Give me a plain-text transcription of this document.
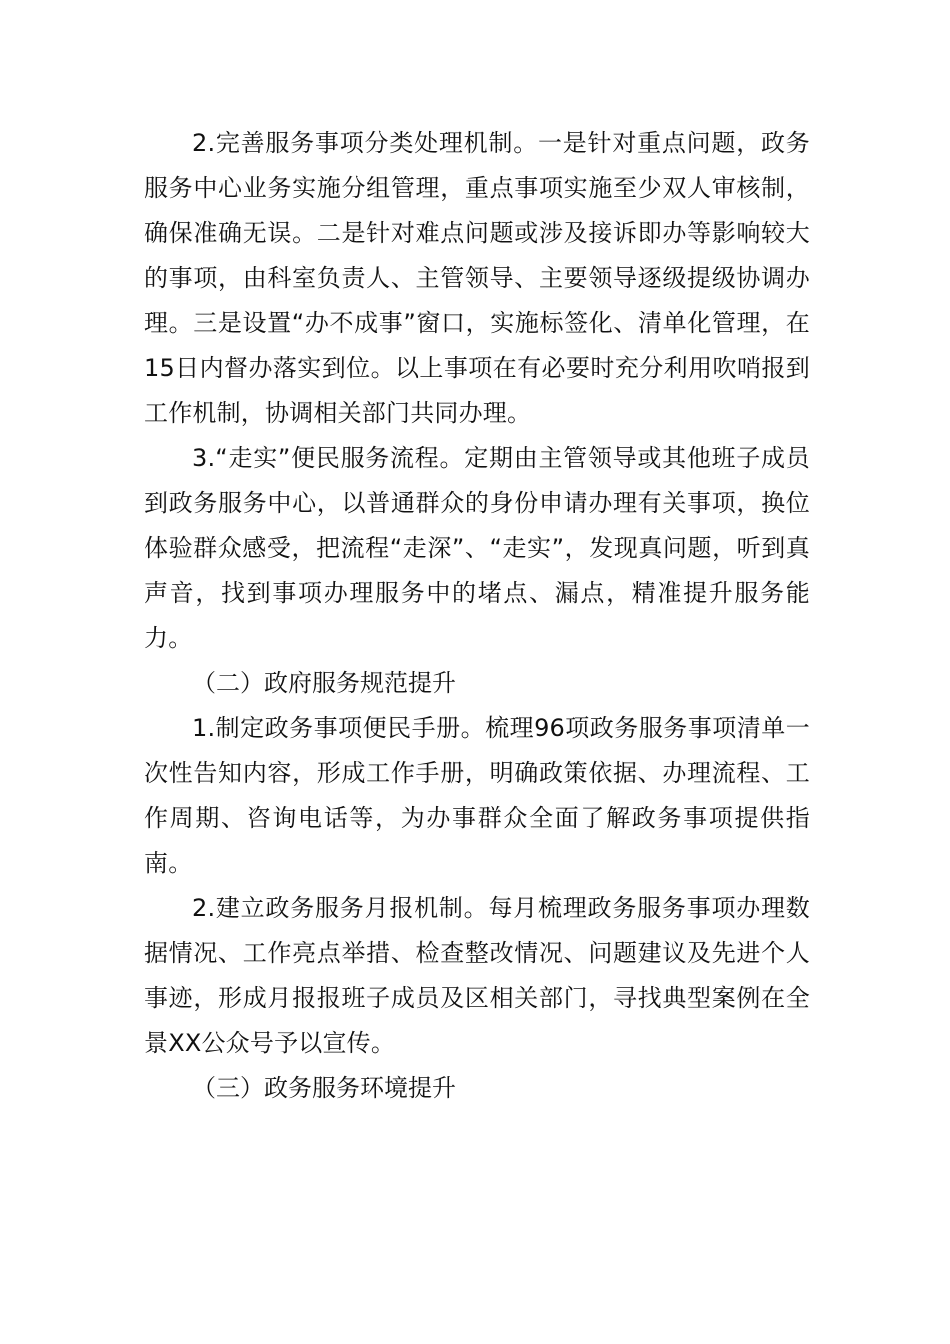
2.完善服务事项分类处理机制。一是针对重点问题，政务服务中心业务实施分组管理，重点事项实施至少双人审核制，确保准确无误。二是针对难点问题或涉及接诉即办等影响较大的事项，由科室负责人、主管领导、主要领导逐级提级协调办理。三是设置“办不成事”窗口，实施标签化、清单化管理，在15日内督办落实到位。以上事项在有必要时充分利用吹哨报到工作机制，协调相关部门共同办理。

3.“走实”便民服务流程。定期由主管领导或其他班子成员到政务服务中心，以普通群众的身份申请办理有关事项，换位体验群众感受，把流程“走深”、“走实”，发现真问题，听到真声音，找到事项办理服务中的堵点、漏点，精准提升服务能力。

（二）政府服务规范提升

1.制定政务事项便民手册。梳理96项政务服务事项清单一次性告知内容，形成工作手册，明确政策依据、办理流程、工作周期、咨询电话等，为办事群众全面了解政务事项提供指南。

2.建立政务服务月报机制。每月梳理政务服务事项办理数据情况、工作亮点举措、检查整改情况、问题建议及先进个人事迹，形成月报报班子成员及区相关部门，寻找典型案例在全景XX公众号予以宣传。

（三）政务服务环境提升
